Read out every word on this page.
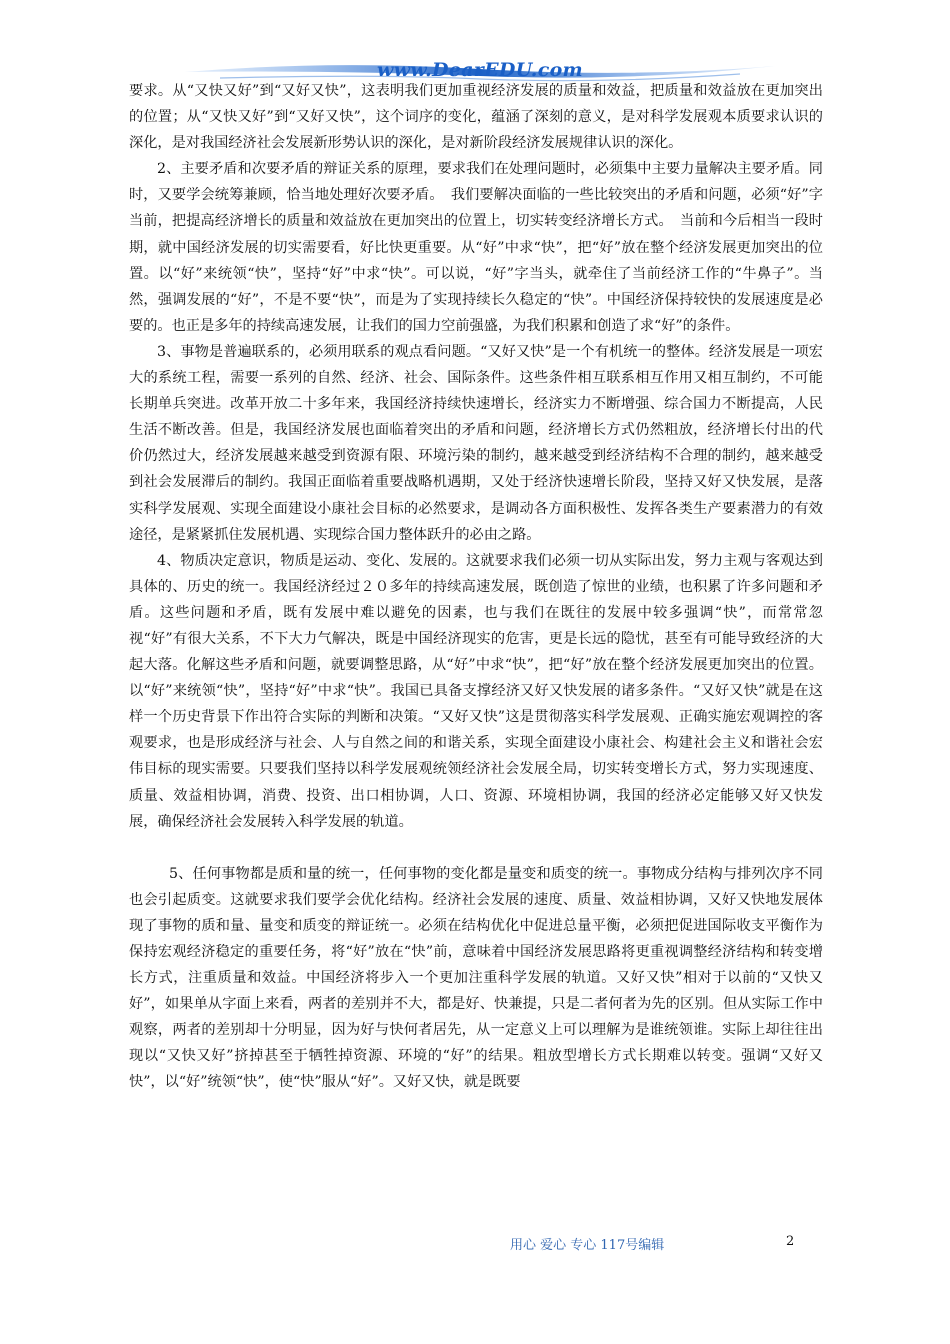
www.DearEDU.com

要求。从“又快又好”到“又好又快”，这表明我们更加重视经济发展的质量和效益，把质量和效益放在更加突出的位置；从“又快又好”到“又好又快”，这个词序的变化，蕴涵了深刻的意义，是对科学发展观本质要求认识的深化，是对我国经济社会发展新形势认识的深化，是对新阶段经济发展规律认识的深化。

2、主要矛盾和次要矛盾的辩证关系的原理，要求我们在处理问题时，必须集中主要力量解决主要矛盾。同时，又要学会统筹兼顾，恰当地处理好次要矛盾。　我们要解决面临的一些比较突出的矛盾和问题，必须“好”字当前，把提高经济增长的质量和效益放在更加突出的位置上，切实转变经济增长方式。　当前和今后相当一段时期，就中国经济发展的切实需要看，好比快更重要。从“好”中求“快”，把“好”放在整个经济发展更加突出的位置。以“好”来统领“快”，坚持“好”中求“快”。可以说，“好”字当头，就牵住了当前经济工作的“牛鼻子”。当然，强调发展的“好”，不是不要“快”，而是为了实现持续长久稳定的“快”。中国经济保持较快的发展速度是必要的。也正是多年的持续高速发展，让我们的国力空前强盛，为我们积累和创造了求“好”的条件。

3、事物是普遍联系的，必须用联系的观点看问题。“又好又快”是一个有机统一的整体。经济发展是一项宏大的系统工程，需要一系列的自然、经济、社会、国际条件。这些条件相互联系相互作用又相互制约，不可能长期单兵突进。改革开放二十多年来，我国经济持续快速增长，经济实力不断增强、综合国力不断提高，人民生活不断改善。但是，我国经济发展也面临着突出的矛盾和问题，经济增长方式仍然粗放，经济增长付出的代价仍然过大，经济发展越来越受到资源有限、环境污染的制约，越来越受到经济结构不合理的制约，越来越受到社会发展滞后的制约。我国正面临着重要战略机遇期，又处于经济快速增长阶段，坚持又好又快发展，是落实科学发展观、实现全面建设小康社会目标的必然要求，是调动各方面积极性、发挥各类生产要素潜力的有效途径，是紧紧抓住发展机遇、实现综合国力整体跃升的必由之路。

4、物质决定意识，物质是运动、变化、发展的。这就要求我们必须一切从实际出发，努力主观与客观达到具体的、历史的统一。我国经济经过２０多年的持续高速发展，既创造了惊世的业绩，也积累了许多问题和矛盾。这些问题和矛盾，既有发展中难以避免的因素，也与我们在既往的发展中较多强调“快”，而常常忽视“好”有很大关系，不下大力气解决，既是中国经济现实的危害，更是长远的隐忧，甚至有可能导致经济的大起大落。化解这些矛盾和问题，就要调整思路，从“好”中求“快”，把“好”放在整个经济发展更加突出的位置。以“好”来统领“快”，坚持“好”中求“快”。我国已具备支撑经济又好又快发展的诸多条件。“又好又快”就是在这样一个历史背景下作出符合实际的判断和决策。“又好又快”这是贯彻落实科学发展观、正确实施宏观调控的客观要求，也是形成经济与社会、人与自然之间的和谐关系，实现全面建设小康社会、构建社会主义和谐社会宏伟目标的现实需要。只要我们坚持以科学发展观统领经济社会发展全局，切实转变增长方式，努力实现速度、质量、效益相协调，消费、投资、出口相协调，人口、资源、环境相协调，我国的经济必定能够又好又快发展，确保经济社会发展转入科学发展的轨道。

5、任何事物都是质和量的统一，任何事物的变化都是量变和质变的统一。事物成分结构与排列次序不同也会引起质变。这就要求我们要学会优化结构。经济社会发展的速度、质量、效益相协调，又好又快地发展体现了事物的质和量、量变和质变的辩证统一。必须在结构优化中促进总量平衡，必须把促进国际收支平衡作为保持宏观经济稳定的重要任务，将“好”放在“快”前，意味着中国经济发展思路将更重视调整经济结构和转变增长方式，注重质量和效益。中国经济将步入一个更加注重科学发展的轨道。又好又快”相对于以前的“又快又好”，如果单从字面上来看，两者的差别并不大，都是好、快兼提，只是二者何者为先的区别。但从实际工作中观察，两者的差别却十分明显，因为好与快何者居先，从一定意义上可以理解为是谁统领谁。实际上却往往出现以“又快又好”挤掉甚至于牺牲掉资源、环境的“好”的结果。粗放型增长方式长期难以转变。强调“又好又快”，以“好”统领“快”，使“快”服从“好”。又好又快，就是既要

用心 爱心 专心 117号编辑	2
